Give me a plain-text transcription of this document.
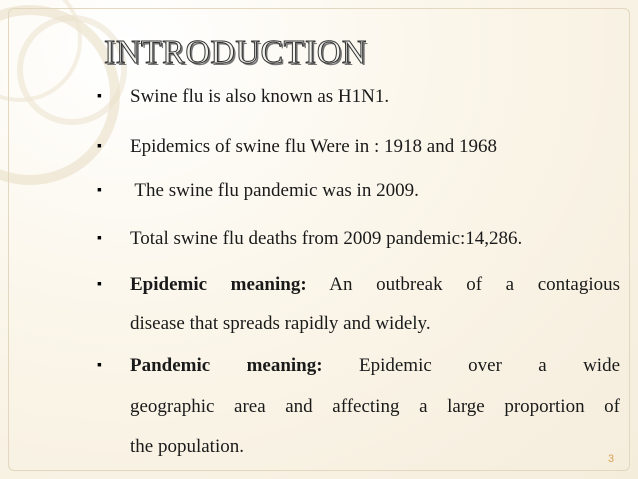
INTRODUCTION
▪ Swine flu is also known as H1N1.
▪ Epidemics of swine flu Were in : 1918 and 1968
▪ The swine flu pandemic was in 2009.
▪ Total swine flu deaths from 2009 pandemic:14,286.
▪ Epidemic meaning: An outbreak of a contagious
disease that spreads rapidly and widely.
▪ Pandemic meaning: Epidemic over a wide
geographic area and affecting a large proportion of
the population.
3
